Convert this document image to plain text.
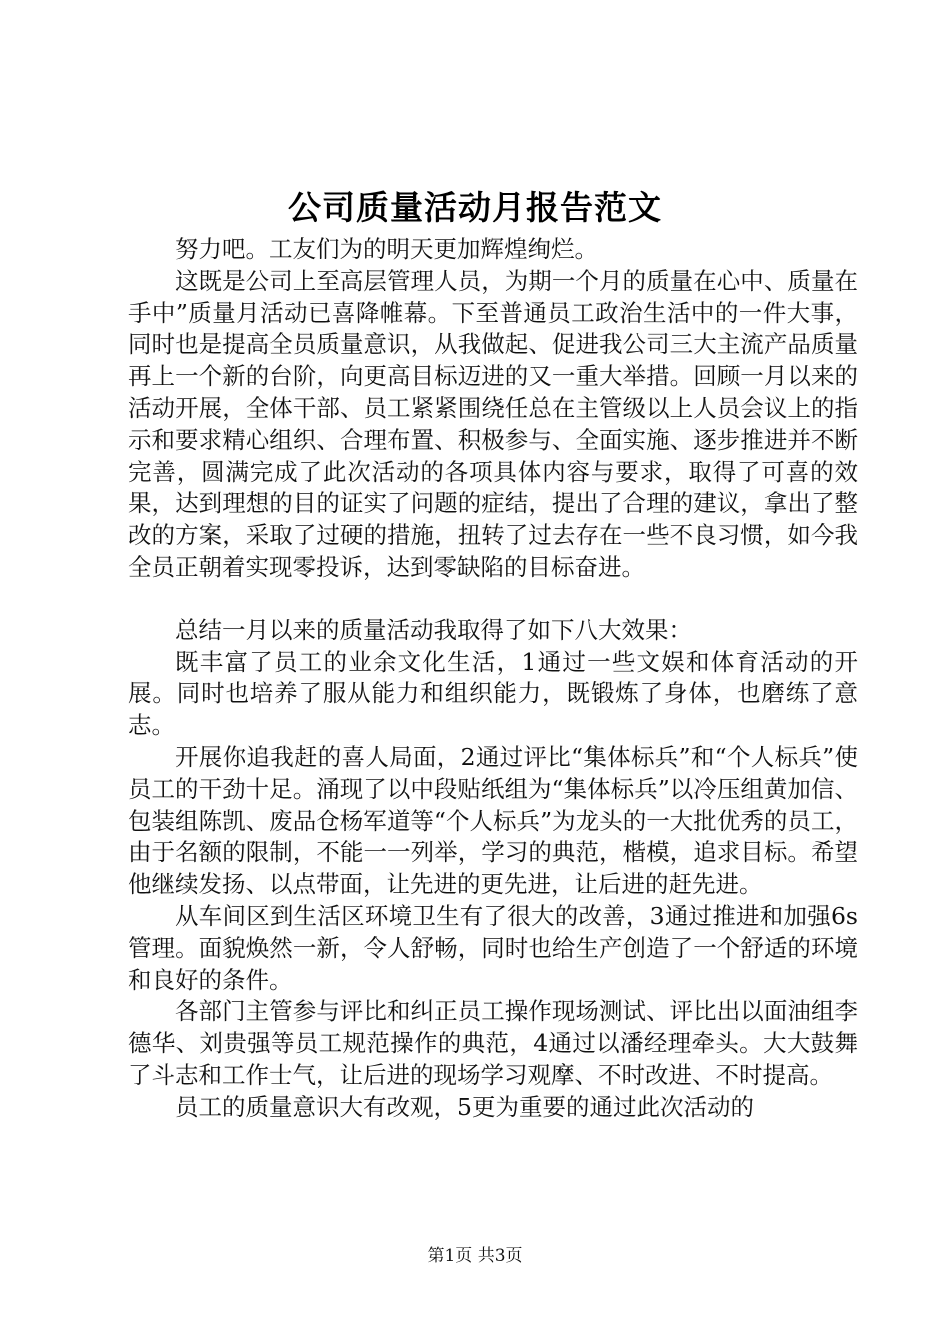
公司质量活动月报告范文

努力吧。工友们为的明天更加辉煌绚烂。

这既是公司上至高层管理人员，为期一个月的质量在心中、质量在手中”质量月活动已喜降帷幕。下至普通员工政治生活中的一件大事，同时也是提高全员质量意识，从我做起、促进我公司三大主流产品质量再上一个新的台阶，向更高目标迈进的又一重大举措。回顾一月以来的活动开展，全体干部、员工紧紧围绕任总在主管级以上人员会议上的指示和要求精心组织、合理布置、积极参与、全面实施、逐步推进并不断完善，圆满完成了此次活动的各项具体内容与要求，取得了可喜的效果，达到理想的目的证实了问题的症结，提出了合理的建议，拿出了整改的方案，采取了过硬的措施，扭转了过去存在一些不良习惯，如今我全员正朝着实现零投诉，达到零缺陷的目标奋进。

总结一月以来的质量活动我取得了如下八大效果：

既丰富了员工的业余文化生活，1通过一些文娱和体育活动的开展。同时也培养了服从能力和组织能力，既锻炼了身体，也磨练了意志。

开展你追我赶的喜人局面，2通过评比“集体标兵”和“个人标兵”使员工的干劲十足。涌现了以中段贴纸组为“集体标兵”以冷压组黄加信、包装组陈凯、废品仓杨军道等“个人标兵”为龙头的一大批优秀的员工，由于名额的限制，不能一一列举，学习的典范，楷模，追求目标。希望他继续发扬、以点带面，让先进的更先进，让后进的赶先进。

从车间区到生活区环境卫生有了很大的改善，3通过推进和加强6s管理。面貌焕然一新，令人舒畅，同时也给生产创造了一个舒适的环境和良好的条件。

各部门主管参与评比和纠正员工操作现场测试、评比出以面油组李德华、刘贵强等员工规范操作的典范，4通过以潘经理牵头。大大鼓舞了斗志和工作士气，让后进的现场学习观摩、不时改进、不时提高。

员工的质量意识大有改观，5更为重要的通过此次活动的

第1页 共3页
